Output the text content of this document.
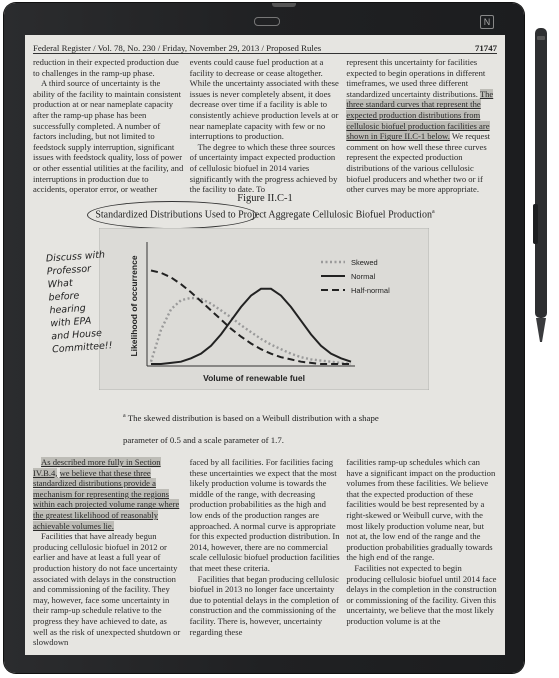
N
Federal Register / Vol. 78, No. 230 / Friday, November 29, 2013 / Proposed Rules	71747

reduction in their expected production due to challenges in the ramp-up phase.

A third source of uncertainty is the ability of the facility to maintain consistent production at or near nameplate capacity after the ramp-up phase has been successfully completed. A number of factors including, but not limited to feedstock supply interruption, significant issues with feedstock quality, loss of power or other essential utilities at the facility, and interruptions in production due to accidents, operator error, or weather

events could cause fuel production at a facility to decrease or cease altogether. While the uncertainty associated with these issues is never completely absent, it does decrease over time if a facility is able to consistently achieve production levels at or near nameplate capacity with few or no interruptions to production.

The degree to which these three sources of uncertainty impact expected production of cellulosic biofuel in 2014 varies significantly with the progress achieved by the facility to date. To

represent this uncertainty for facilities expected to begin operations in different timeframes, we used three different standardized uncertainty distributions. The three standard curves that represent the expected production distributions from cellulosic biofuel production facilities are shown in Figure II.C-1 below. We request comment on how well these three curves represent the expected production distributions of the various cellulosic biofuel producers and whether two or if other curves may be more appropriate.

Figure II.C-1
Standardized Distributions Used to Project Aggregate Cellulosic Biofuel Production$^a$
Volume of renewable fuel
Likelihood of occurrence	Skewed
Normal
Half-normal
Discuss with
Professor What
before hearing
with EPA
and House
Committee!!
$^a$ The skewed distribution is based on a Weibull distribution with a shape
parameter of 0.5 and a scale parameter of 1.7.

As described more fully in Section IV.B.4, we believe that these three standardized distributions provide a mechanism for representing the regions within each projected volume range where the greatest likelihood of reasonably achievable volumes lie.

Facilities that have already begun producing cellulosic biofuel in 2012 or earlier and have at least a full year of production history do not face uncertainty associated with delays in the construction and commissioning of the facility. They may, however, face some uncertainty in their ramp-up schedule relative to the progress they have achieved to date, as well as the risk of unexpected shutdown or slowdown

faced by all facilities. For facilities facing these uncertainties we expect that the most likely production volume is towards the middle of the range, with decreasing production probabilities as the high and low ends of the production ranges are approached. A normal curve is appropriate for this expected production distribution. In 2014, however, there are no commercial scale cellulosic biofuel production facilities that meet these criteria.

Facilities that began producing cellulosic biofuel in 2013 no longer face uncertainty due to potential delays in the completion of construction and the commissioning of the facility. There is, however, uncertainty regarding these

facilities ramp-up schedules which can have a significant impact on the production volumes from these facilities. We believe that the expected production of these facilities would be best represented by a right-skewed or Weibull curve, with the most likely production volume near, but not at, the low end of the range and the production probabilities gradually towards the high end of the range.

Facilities not expected to begin producing cellulosic biofuel until 2014 face delays in the completion in the construction or commissioning of the facility. Given this uncertainty, we believe that the most likely production volume is at the
